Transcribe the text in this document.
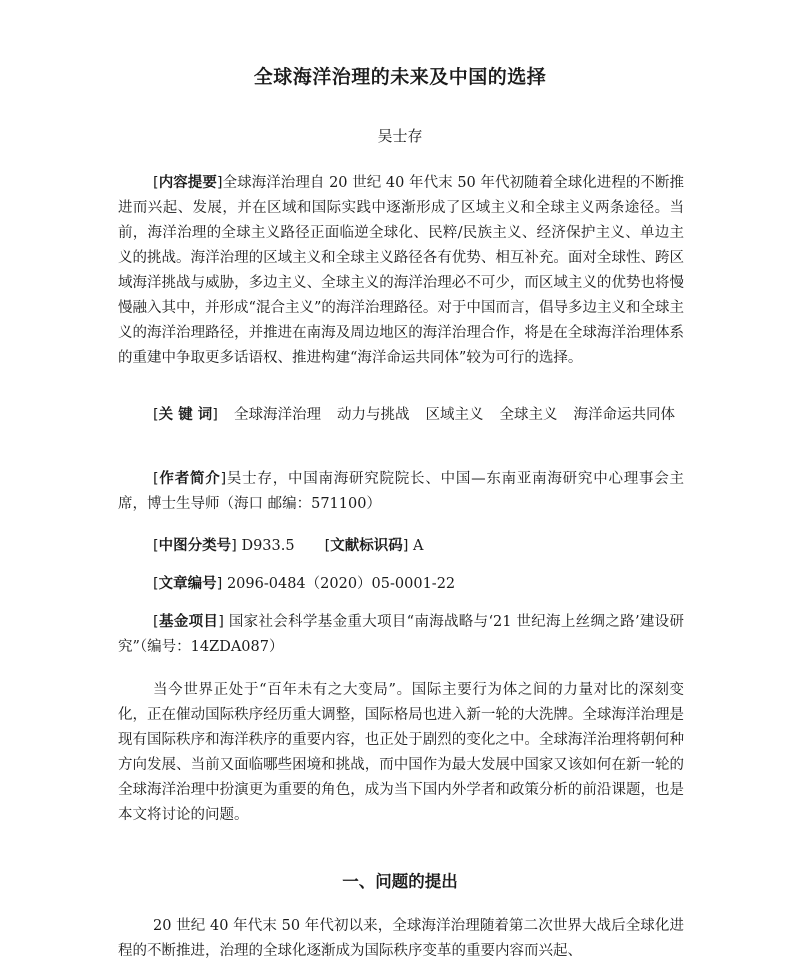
全球海洋治理的未来及中国的选择
吴士存
[ 内容提要 ] 全球海洋治理自 20 世纪 40 年代末 50 年代初随着全球化进程的不断推进而兴起、发展，并在区域和国际实践中逐渐形成了区域主义和全球主义两条途径。当前，海洋治理的全球主义路径正面临逆全球化、民粹/民族主义、经济保护主义、单边主义的挑战。海洋治理的区域主义和全球主义路径各有优势、相互补充。面对全球性、跨区域海洋挑战与威胁，多边主义、全球主义的海洋治理必不可少，而区域主义的优势也将慢慢融入其中，并形成“混合主义”的海洋治理路径。对于中国而言，倡导多边主义和全球主义的海洋治理路径，并推进在南海及周边地区的海洋治理合作，将是在全球海洋治理体系的重建中争取更多话语权、推进构建“海洋命运共同体”较为可行的选择。
[ 关 键 词 ] 全球海洋治理 动力与挑战 区域主义 全球主义 海洋命运共同体
[ 作者简介 ] 吴士存，中国南海研究院院长、中国—东南亚南海研究中心理事会主席，博士生导师（海口 邮编：571100）
[ 中图分类号 ] D933.5[ 文献标识码 ] A
[ 文章编号 ] 2096-0484（2020）05-0001-22
[ 基金项目 ] 国家社会科学基金重大项目“南海战略与‘21 世纪海上丝绸之路’建设研究”（编号：14ZDA087）
当今世界正处于“百年未有之大变局”。国际主要行为体之间的力量对比的深刻变化，正在催动国际秩序经历重大调整，国际格局也进入新一轮的大洗牌。全球海洋治理是现有国际秩序和海洋秩序的重要内容，也正处于剧烈的变化之中。全球海洋治理将朝何种方向发展、当前又面临哪些困境和挑战，而中国作为最大发展中国家又该如何在新一轮的全球海洋治理中扮演更为重要的角色，成为当下国内外学者和政策分析的前沿课题，也是本文将讨论的问题。
一、问题的提出
20 世纪 40 年代末 50 年代初以来，全球海洋治理随着第二次世界大战后全球化进程的不断推进，治理的全球化逐渐成为国际秩序变革的重要内容而兴起、
